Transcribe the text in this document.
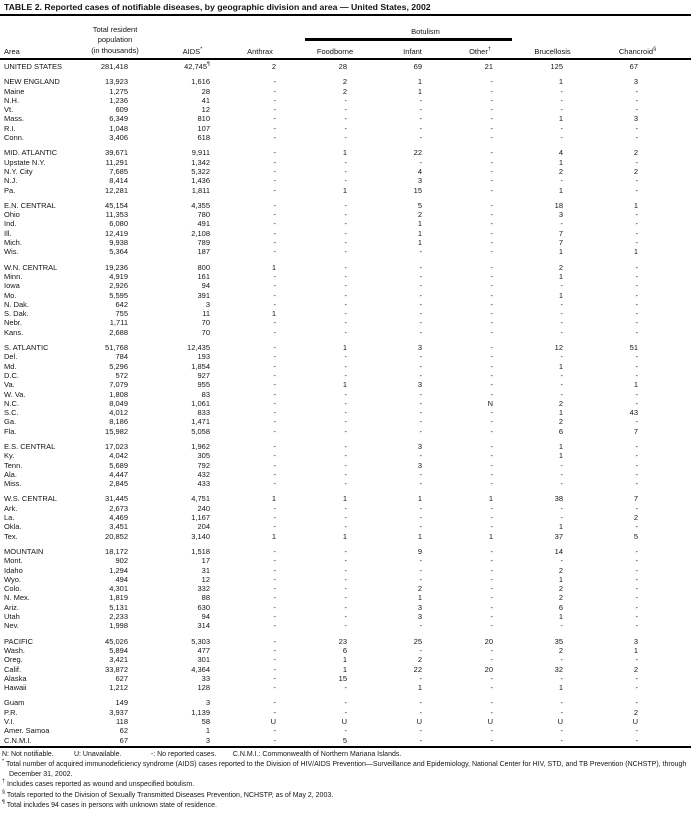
TABLE 2. Reported cases of notifiable diseases, by geographic division and area — United States, 2002
Botulism
Area
Total resident
population
(in thousands)	AIDS*	Anthrax	Foodborne	Infant	Other†	Brucellosis	Chancroid§
UNITED STATES	281,418	42,745¶	2	28	69	21	125	67
NEW ENGLAND	13,923	1,616	-	2	1	-	1	3
Maine	1,275	28	-	2	1	-	-	-
N.H.	1,236	41	-	-	-	-	-	-
Vt.	609	12	-	-	-	-	-	-
Mass.	6,349	810	-	-	-	-	1	3
R.I.	1,048	107	-	-	-	-	-	-
Conn.	3,406	618	-	-	-	-	-	-
MID. ATLANTIC	39,671	9,911	-	1	22	-	4	2
Upstate N.Y.	11,291	1,342	-	-	-	-	1	-
N.Y. City	7,685	5,322	-	-	4	-	2	2
N.J.	8,414	1,436	-	-	3	-	-	-
Pa.	12,281	1,811	-	1	15	-	1	-
E.N. CENTRAL	45,154	4,355	-	-	5	-	18	1
Ohio	11,353	780	-	-	2	-	3	-
Ind.	6,080	491	-	-	1	-	-	-
Ill.	12,419	2,108	-	-	1	-	7	-
Mich.	9,938	789	-	-	1	-	7	-
Wis.	5,364	187	-	-	-	-	1	1
W.N. CENTRAL	19,236	800	1	-	-	-	2	-
Minn.	4,919	161	-	-	-	-	1	-
Iowa	2,926	94	-	-	-	-	-	-
Mo.	5,595	391	-	-	-	-	1	-
N. Dak.	642	3	-	-	-	-	-	-
S. Dak.	755	11	1	-	-	-	-	-
Nebr.	1,711	70	-	-	-	-	-	-
Kans.	2,688	70	-	-	-	-	-	-
S. ATLANTIC	51,768	12,435	-	1	3	-	12	51
Del.	784	193	-	-	-	-	-	-
Md.	5,296	1,854	-	-	-	-	1	-
D.C.	572	927	-	-	-	-	-	-
Va.	7,079	955	-	1	3	-	-	1
W. Va.	1,808	83	-	-	-	-	-	-
N.C.	8,049	1,061	-	-	-	N	2	-
S.C.	4,012	833	-	-	-	-	1	43
Ga.	8,186	1,471	-	-	-	-	2	-
Fla.	15,982	5,058	-	-	-	-	6	7
E.S. CENTRAL	17,023	1,962	-	-	3	-	1	-
Ky.	4,042	305	-	-	-	-	1	-
Tenn.	5,689	792	-	-	3	-	-	-
Ala.	4,447	432	-	-	-	-	-	-
Miss.	2,845	433	-	-	-	-	-	-
W.S. CENTRAL	31,445	4,751	1	1	1	1	38	7
Ark.	2,673	240	-	-	-	-	-	-
La.	4,469	1,167	-	-	-	-	-	2
Okla.	3,451	204	-	-	-	-	1	-
Tex.	20,852	3,140	1	1	1	1	37	5
MOUNTAIN	18,172	1,518	-	-	9	-	14	-
Mont.	902	17	-	-	-	-	-	-
Idaho	1,294	31	-	-	-	-	2	-
Wyo.	494	12	-	-	-	-	1	-
Colo.	4,301	332	-	-	2	-	2	-
N. Mex.	1,819	88	-	-	1	-	2	-
Ariz.	5,131	630	-	-	3	-	6	-
Utah	2,233	94	-	-	3	-	1	-
Nev.	1,998	314	-	-	-	-	-	-
PACIFIC	45,026	5,303	-	23	25	20	35	3
Wash.	5,894	477	-	6	-	-	2	1
Oreg.	3,421	301	-	1	2	-	-	-
Calif.	33,872	4,364	-	1	22	20	32	2
Alaska	627	33	-	15	-	-	-	-
Hawaii	1,212	128	-	-	1	-	1	-
Guam	149	3	-	-	-	-	-	-
P.R.	3,937	1,139	-	-	-	-	-	2
V.I.	118	58	U	U	U	U	U	U
Amer. Samoa	62	1	-	-	-	-	-	-
C.N.M.I.	67	3	-	5	-	-	-	-
N: Not notifiable.	U: Unavailable.	-: No reported cases. C.N.M.I.: Commonwealth of Northern Mariana Islands.
* Total number of acquired immunodeficiency syndrome (AIDS) cases reported to the Division of HIV/AIDS Prevention—Surveillance and Epidemiology, National Center for HIV, STD, and TB Prevention (NCHSTP), through December 31, 2002.
† Includes cases reported as wound and unspecified botulism.
§ Totals reported to the Division of Sexually Transmitted Diseases Prevention, NCHSTP, as of May 2, 2003.
¶ Total includes 94 cases in persons with unknown state of residence.
